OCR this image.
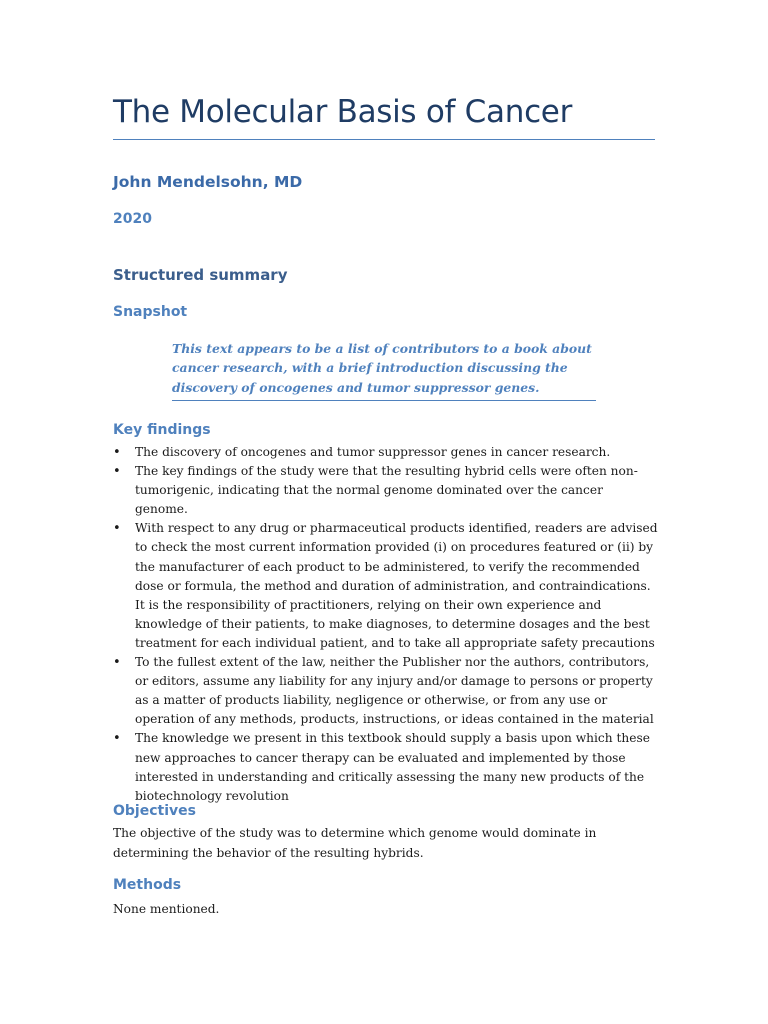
The Molecular Basis of Cancer
John Mendelsohn, MD
2020
Structured summary
Snapshot
This text appears to be a list of contributors to a book about cancer research, with a brief introduction discussing the discovery of oncogenes and tumor suppressor genes.
Key findings
• The discovery of oncogenes and tumor suppressor genes in cancer research.
• The key findings of the study were that the resulting hybrid cells were often non-tumorigenic, indicating that the normal genome dominated over the cancer genome.
• With respect to any drug or pharmaceutical products identified, readers are advised to check the most current information provided (i) on procedures featured or (ii) by the manufacturer of each product to be administered, to verify the recommended dose or formula, the method and duration of administration, and contraindications. It is the responsibility of practitioners, relying on their own experience and knowledge of their patients, to make diagnoses, to determine dosages and the best treatment for each individual patient, and to take all appropriate safety precautions
• To the fullest extent of the law, neither the Publisher nor the authors, contributors, or editors, assume any liability for any injury and/or damage to persons or property as a matter of products liability, negligence or otherwise, or from any use or operation of any methods, products, instructions, or ideas contained in the material
• The knowledge we present in this textbook should supply a basis upon which these new approaches to cancer therapy can be evaluated and implemented by those interested in understanding and critically assessing the many new products of the biotechnology revolution
Objectives
The objective of the study was to determine which genome would dominate in determining the behavior of the resulting hybrids.
Methods
None mentioned.
